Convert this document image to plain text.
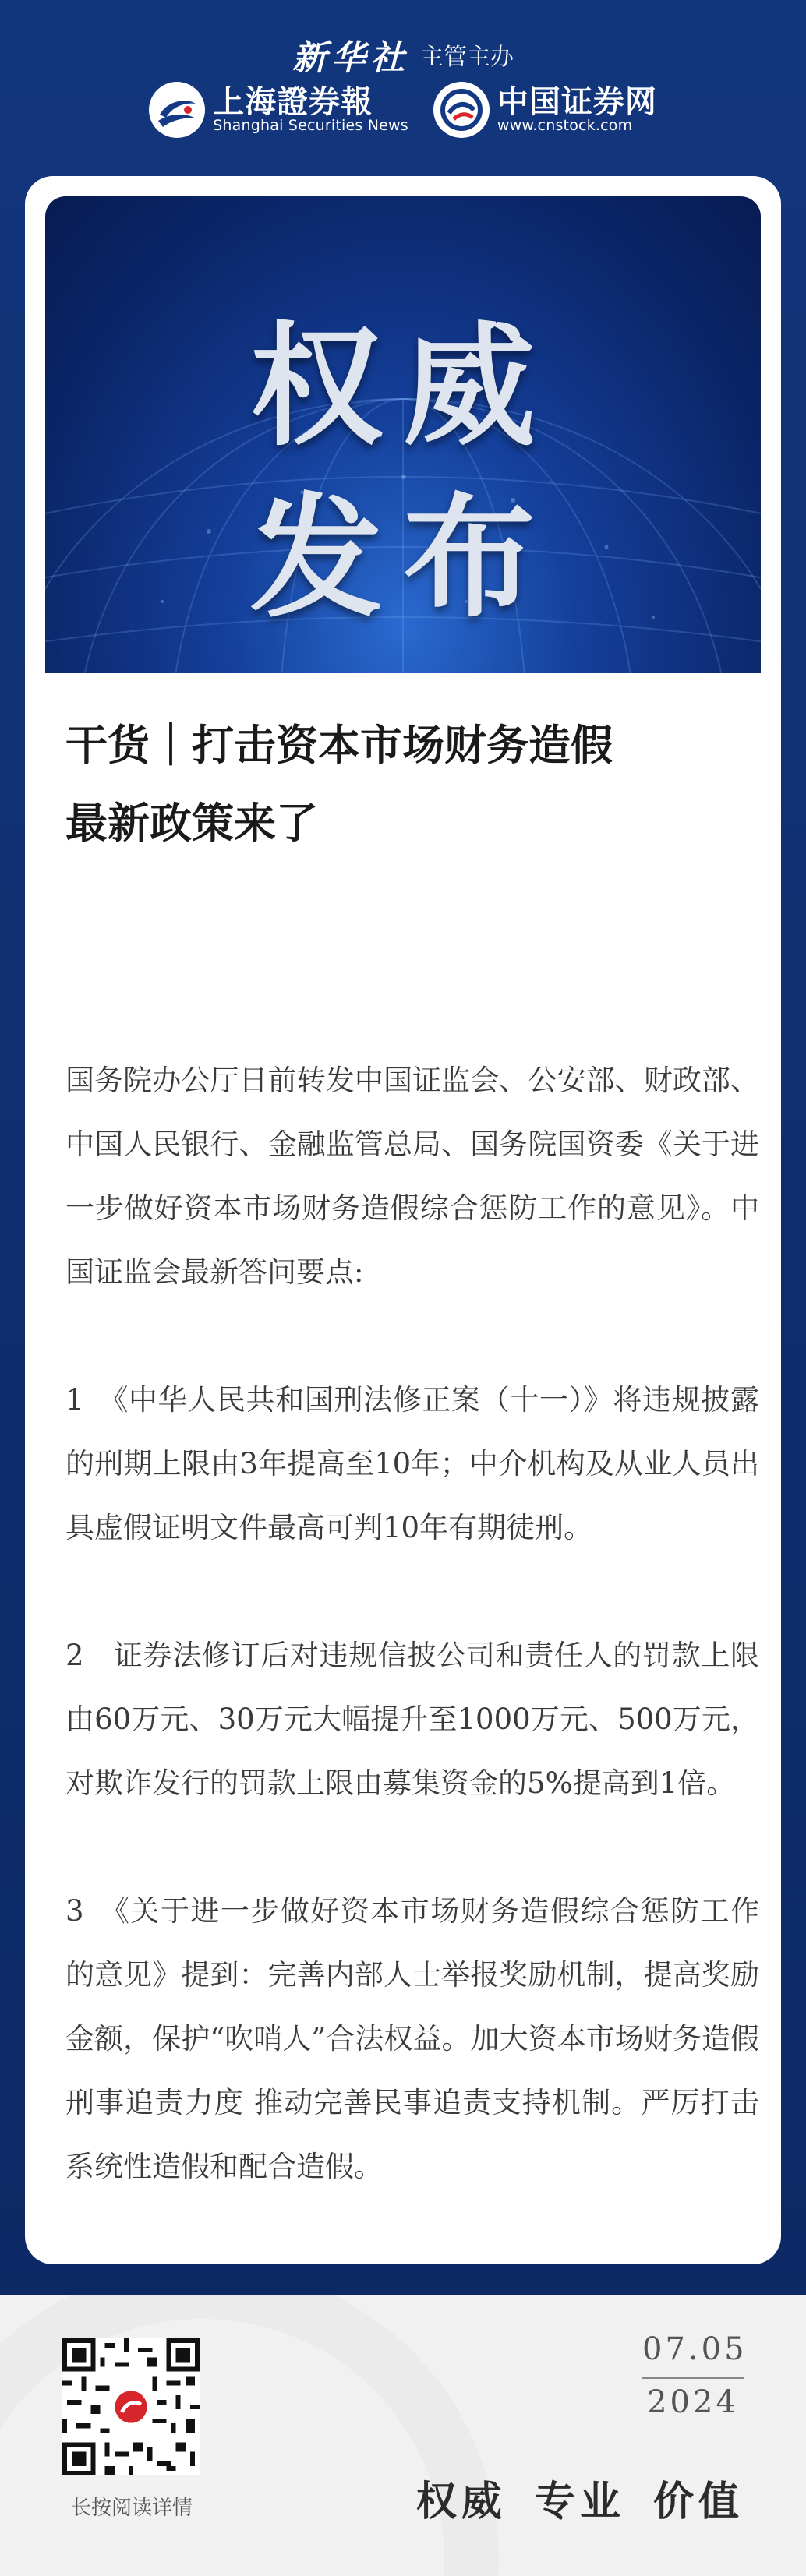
新华社 主管主办
上海證券報
Shanghai Securities News
中国证券网
www.cnstock.com
权威
发布
干货｜打击资本市场财务造假
最新政策来了

国务院办公厅日前转发中国证监会、公安部、财政部、中国人民银行、金融监管总局、国务院国资委《关于进一步做好资本市场财务造假综合惩防工作的意见》。中国证监会最新答问要点:

1　《中华人民共和国刑法修正案（十一）》将违规披露的刑期上限由3年提高至10年；中介机构及从业人员出具虚假证明文件最高可判10年有期徒刑。

2　证券法修订后对违规信披公司和责任人的罚款上限由60万元、30万元大幅提升至1000万元、500万元，对欺诈发行的罚款上限由募集资金的5%提高到1倍。

3　《关于进一步做好资本市场财务造假综合惩防工作的意见》提到：完善内部人士举报奖励机制，提高奖励金额，保护“吹哨人”合法权益。加大资本市场财务造假刑事追责力度 推动完善民事追责支持机制。严厉打击系统性造假和配合造假。

长按阅读详情
07.05
2024
权威 专业 价值
